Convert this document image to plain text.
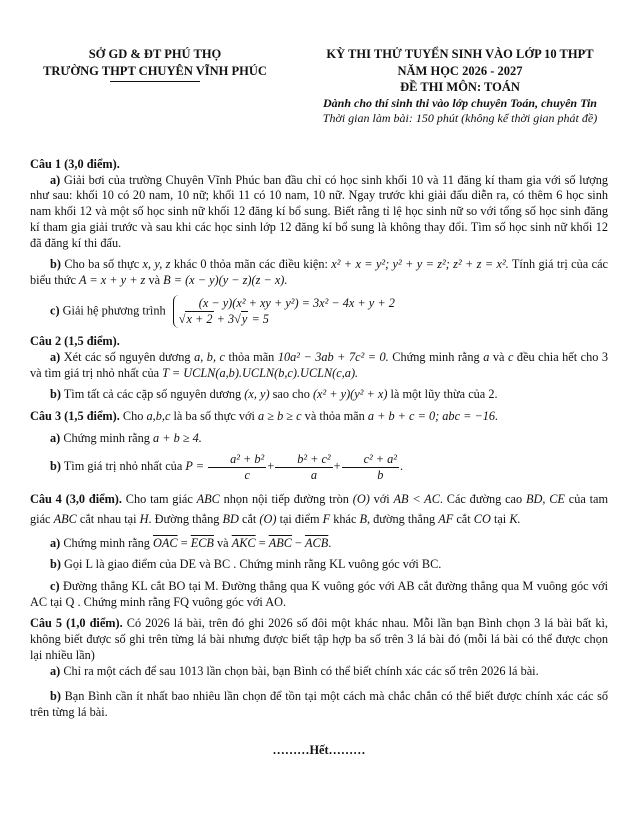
SỞ GD & ĐT PHÚ THỌ
TRƯỜNG THPT CHUYÊN VĨNH PHÚC
KỲ THI THỬ TUYỂN SINH VÀO LỚP 10 THPT
NĂM HỌC 2026 - 2027
ĐỀ THI MÔN: TOÁN
Dành cho thí sinh thi vào lớp chuyên Toán, chuyên Tin
Thời gian làm bài: 150 phút (không kể thời gian phát đề)

Câu 1 (3,0 điểm).

a) Giải bơi của trường Chuyên Vĩnh Phúc ban đầu chỉ có học sinh khối 10 và 11 đăng kí tham gia với số lượng như sau: khối 10 có 20 nam, 10 nữ; khối 11 có 10 nam, 10 nữ. Ngay trước khi giải đấu diễn ra, có thêm 6 học sinh nam khối 12 và một số học sinh nữ khối 12 đăng kí bổ sung. Biết rằng tỉ lệ học sinh nữ so với tổng số học sinh đăng kí tham gia giải trước và sau khi các học sinh lớp 12 đăng kí bổ sung là không thay đổi. Tìm số học sinh nữ khối 12 đã đăng kí thi đấu.

b) Cho ba số thực x, y, z khác 0 thỏa mãn các điều kiện: x² + x = y²; y² + y = z²; z² + z = x². Tính giá trị của các biểu thức A = x + y + z và B = (x − y)(y − z)(z − x).

c) Giải hệ phương trình (x − y)(x² + xy + y²) = 3x² − 4x + y + 2
√x + 2 + 3√y = 5

Câu 2 (1,5 điểm).

a) Xét các số nguyên dương a, b, c thỏa mãn 10a² − 3ab + 7c² = 0. Chứng minh rằng a và c đều chia hết cho 3 và tìm giá trị nhỏ nhất của T = UCLN(a,b).UCLN(b,c).UCLN(c,a).

b) Tìm tất cả các cặp số nguyên dương (x, y) sao cho (x² + y)(y² + x) là một lũy thừa của 2.

Câu 3 (1,5 điểm). Cho a,b,c là ba số thực với a ≥ b ≥ c và thỏa mãn a + b + c = 0; abc = −16.

a) Chứng minh rằng a + b ≥ 4.

b) Tìm giá trị nhỏ nhất của $P = \frac{\text{a² + b²}}{c} + \frac{\text{b² + c²}}{a} + \frac{\text{c² + a²}}{b}$ .

Câu 4 (3,0 điểm). Cho tam giác ABC nhọn nội tiếp đường tròn (O) với AB < AC. Các đường cao BD, CE của tam giác ABC cắt nhau tại H. Đường thẳng BD cắt (O) tại điểm F khác B, đường thẳng AF cắt CO tại K.

a) Chứng minh rằng $\overline{OAC} = \overline{ECB}$ và $\overline{AKC} = \overline{ABC} - \overline{ACB}$.

b) Gọi L là giao điểm của DE và BC . Chứng minh rằng KL vuông góc với BC.

c) Đường thẳng KL cắt BO tại M. Đường thẳng qua K vuông góc với AB cắt đường thẳng qua M vuông góc với AC tại Q . Chứng minh rằng FQ vuông góc với AO.

Câu 5 (1,0 điểm). Có 2026 lá bài, trên đó ghi 2026 số đôi một khác nhau. Mỗi lần bạn Bình chọn 3 lá bài bất kì, không biết được số ghi trên từng lá bài nhưng được biết tập hợp ba số trên 3 lá bài đó (mỗi lá bài có thể được chọn lại nhiều lần)

a) Chỉ ra một cách để sau 1013 lần chọn bài, bạn Bình có thể biết chính xác các số trên 2026 lá bài.

b) Bạn Bình cần ít nhất bao nhiêu lần chọn để tồn tại một cách mà chắc chắn có thể biết được chính xác các số trên từng lá bài.

………Hết………
